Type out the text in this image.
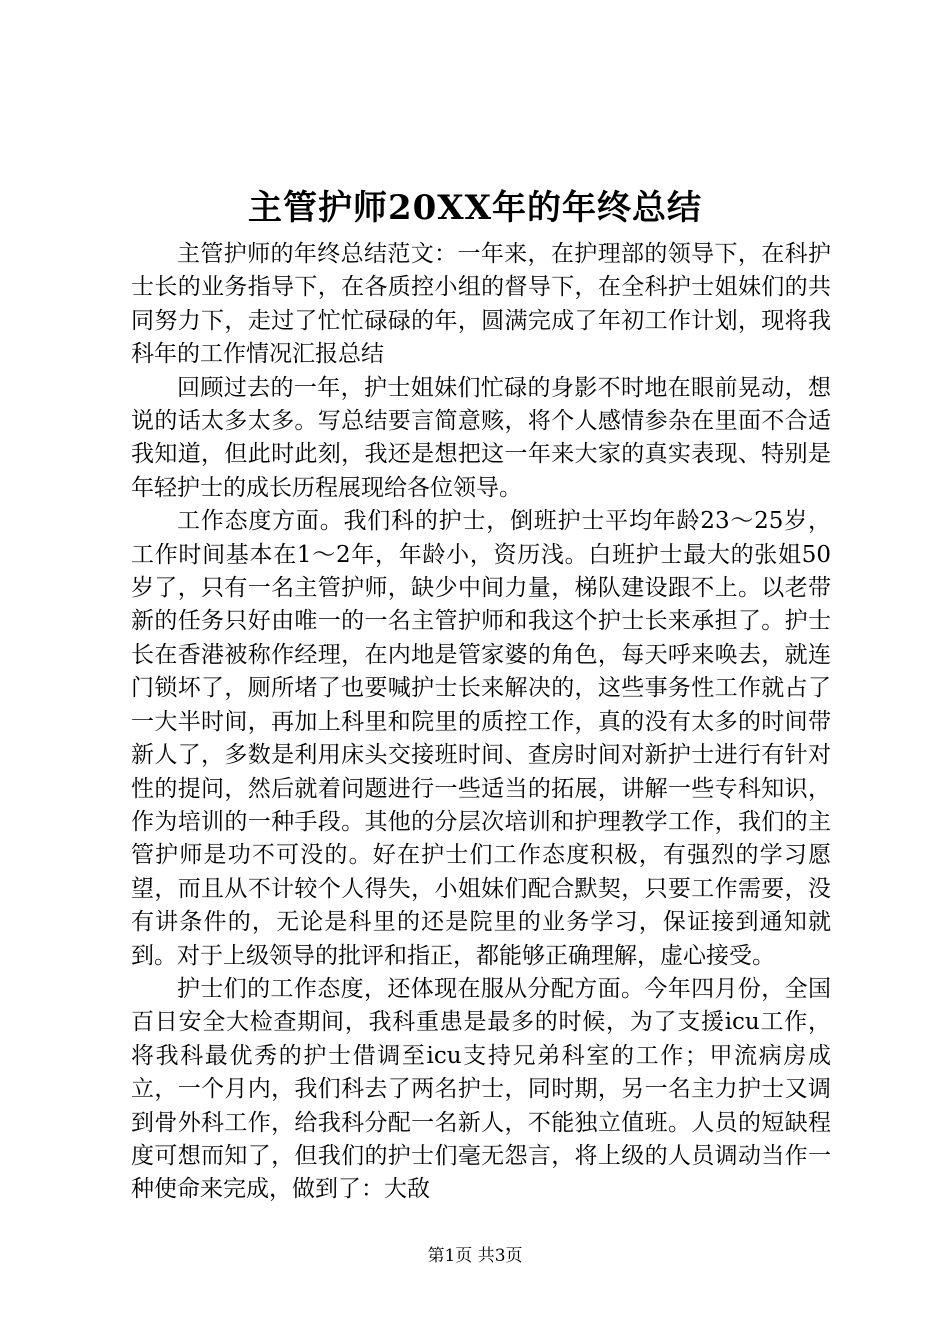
主管护师20XX年的年终总结

主管护师的年终总结范文：一年来，在护理部的领导下，在科护士长的业务指导下，在各质控小组的督导下，在全科护士姐妹们的共同努力下，走过了忙忙碌碌的年，圆满完成了年初工作计划，现将我科年的工作情况汇报总结

回顾过去的一年，护士姐妹们忙碌的身影不时地在眼前晃动，想说的话太多太多。写总结要言简意赅，将个人感情参杂在里面不合适我知道，但此时此刻，我还是想把这一年来大家的真实表现、特别是年轻护士的成长历程展现给各位领导。

工作态度方面。我们科的护士，倒班护士平均年龄23～25岁，工作时间基本在1～2年，年龄小，资历浅。白班护士最大的张姐50岁了，只有一名主管护师，缺少中间力量，梯队建设跟不上。以老带新的任务只好由唯一的一名主管护师和我这个护士长来承担了。护士长在香港被称作经理，在内地是管家婆的角色，每天呼来唤去，就连门锁坏了，厕所堵了也要喊护士长来解决的，这些事务性工作就占了一大半时间，再加上科里和院里的质控工作，真的没有太多的时间带新人了，多数是利用床头交接班时间、查房时间对新护士进行有针对性的提问，然后就着问题进行一些适当的拓展，讲解一些专科知识，作为培训的一种手段。其他的分层次培训和护理教学工作，我们的主管护师是功不可没的。好在护士们工作态度积极，有强烈的学习愿望，而且从不计较个人得失，小姐妹们配合默契，只要工作需要，没有讲条件的，无论是科里的还是院里的业务学习，保证接到通知就到。对于上级领导的批评和指正，都能够正确理解，虚心接受。

护士们的工作态度，还体现在服从分配方面。今年四月份，全国百日安全大检查期间，我科重患是最多的时候，为了支援icu工作，将我科最优秀的护士借调至icu支持兄弟科室的工作；甲流病房成立，一个月内，我们科去了两名护士，同时期，另一名主力护士又调到骨外科工作，给我科分配一名新人，不能独立值班。人员的短缺程度可想而知了，但我们的护士们毫无怨言，将上级的人员调动当作一种使命来完成，做到了：大敌

第1页 共3页
